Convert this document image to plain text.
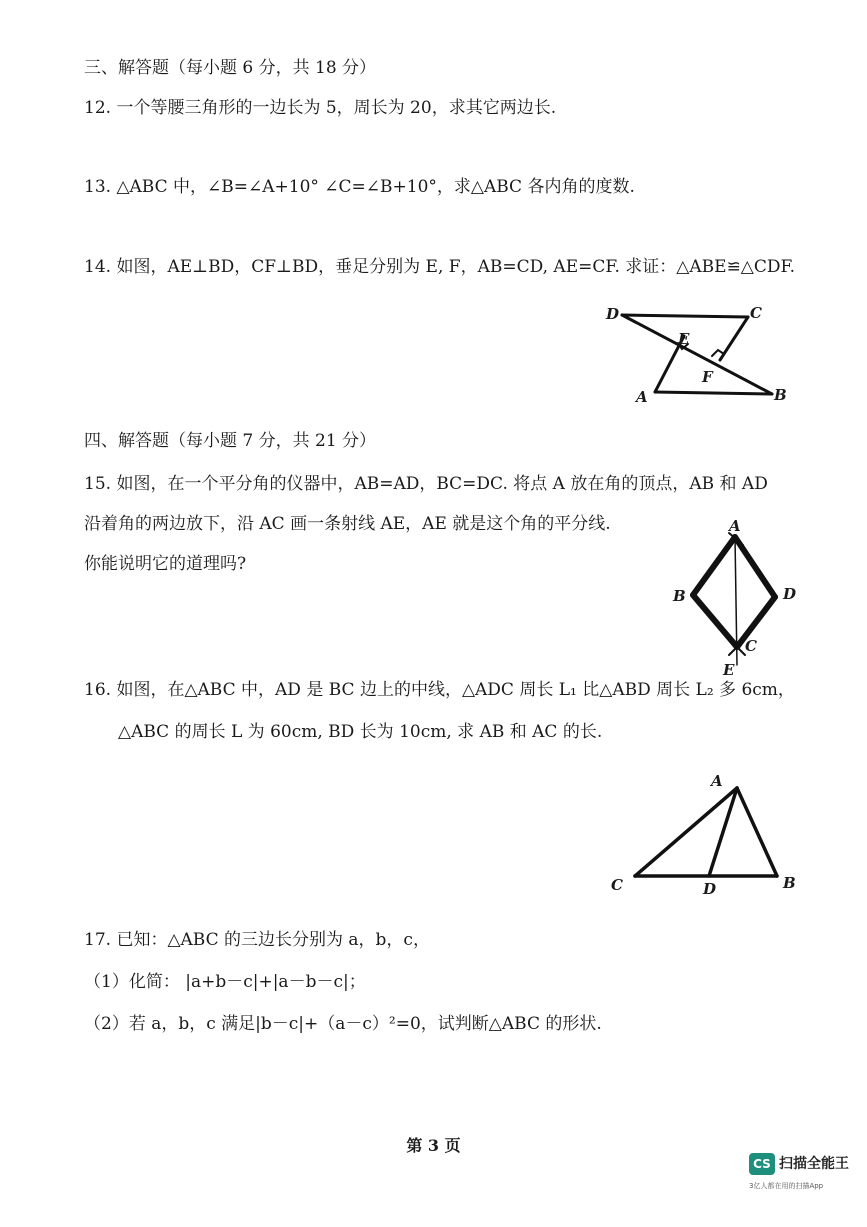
三、解答题（每小题 6 分，共 18 分）
12. 一个等腰三角形的一边长为 5，周长为 20，求其它两边长.
13. △ABC 中，∠B=∠A+10° ∠C=∠B+10°，求△ABC 各内角的度数.
14. 如图，AE⊥BD，CF⊥BD，垂足分别为 E, F，AB=CD, AE=CF. 求证：△ABE≌△CDF.
D	C
E
F
A	B
四、解答题（每小题 7 分，共 21 分）
15. 如图，在一个平分角的仪器中，AB=AD，BC=DC. 将点 A 放在角的顶点，AB 和 AD
沿着角的两边放下，沿 AC 画一条射线 AE，AE 就是这个角的平分线.
你能说明它的道理吗?
A
B	D
C
E
16. 如图，在△ABC 中，AD 是 BC 边上的中线，△ADC 周长 L₁ 比△ABD 周长 L₂ 多 6cm，
△ABC 的周长 L 为 60cm, BD 长为 10cm, 求 AB 和 AC 的长.
A
C	D	B
17. 已知：△ABC 的三边长分别为 a，b，c，
（1）化简： |a+b－c|+|a－b－c|；
（2）若 a，b，c 满足|b－c|+（a－c）²=0，试判断△ABC 的形状.
第 3 页
CS 扫描全能王
3亿人都在用的扫描App
